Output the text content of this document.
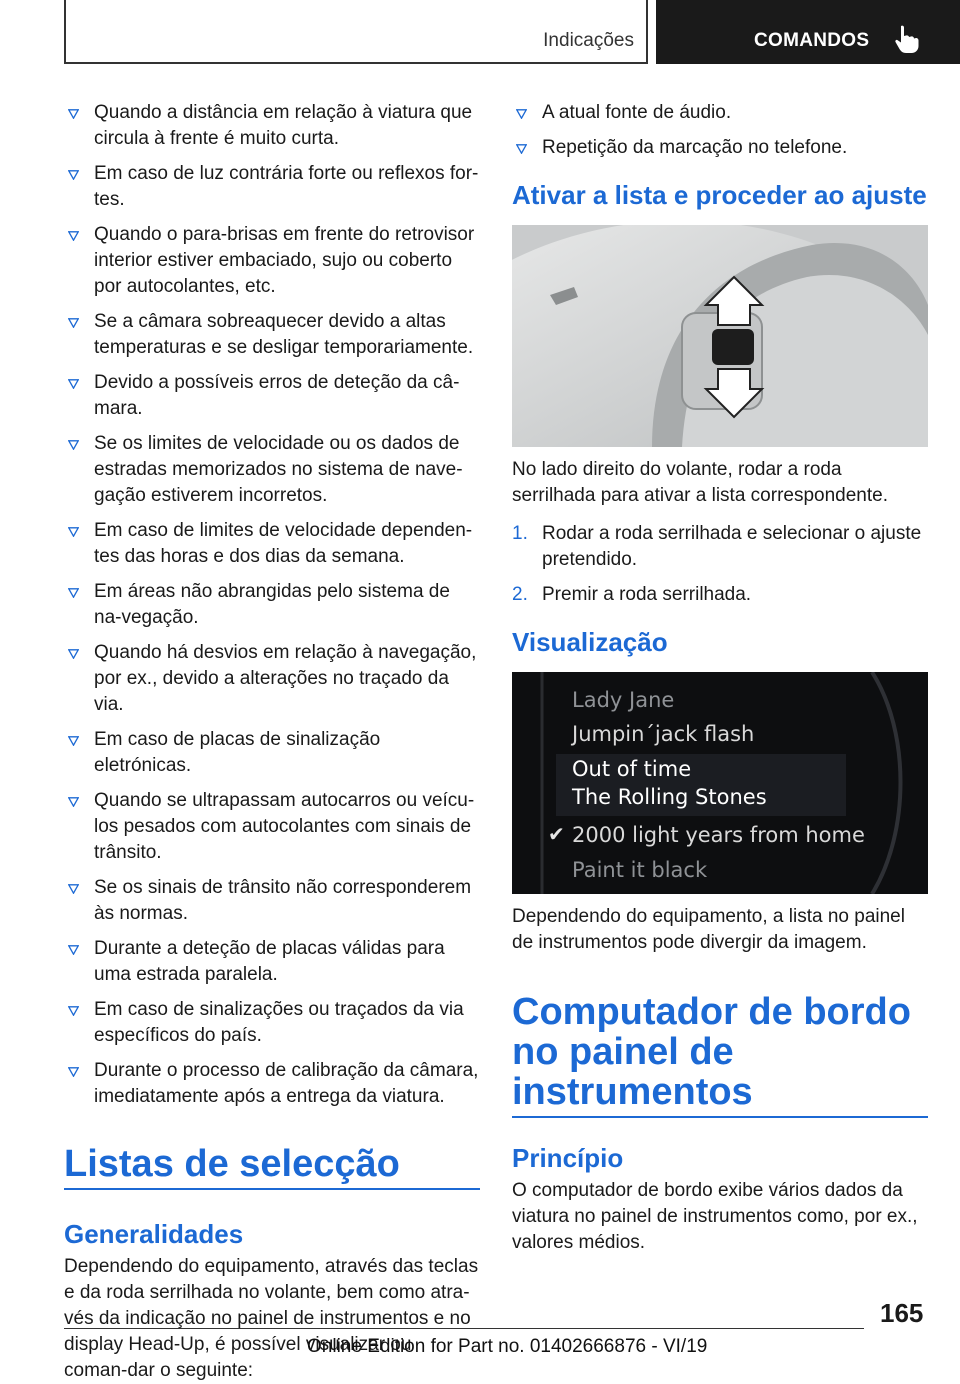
Indicações	COMANDOS
Quando a distância em relação à viatura que circula à frente é muito curta.
Em caso de luz contrária forte ou reflexos for-tes.
Quando o para-brisas em frente do retrovisor interior estiver embaciado, sujo ou coberto por autocolantes, etc.
Se a câmara sobreaquecer devido a altas temperaturas e se desligar temporariamente.
Devido a possíveis erros de deteção da câ-mara.
Se os limites de velocidade ou os dados de estradas memorizados no sistema de nave-gação estiverem incorretos.
Em caso de limites de velocidade dependen-tes das horas e dos dias da semana.
Em áreas não abrangidas pelo sistema de na-vegação.
Quando há desvios em relação à navegação, por ex., devido a alterações no traçado da via.
Em caso de placas de sinalização eletrónicas.
Quando se ultrapassam autocarros ou veícu-los pesados com autocolantes com sinais de trânsito.
Se os sinais de trânsito não corresponderem às normas.
Durante a deteção de placas válidas para uma estrada paralela.
Em caso de sinalizações ou traçados da via específicos do país.
Durante o processo de calibração da câmara, imediatamente após a entrega da viatura.
Listas de selecção
Generalidades

Dependendo do equipamento, através das teclas e da roda serrilhada no volante, bem como atra-vés da indicação no painel de instrumentos e no display Head-Up, é possível visualizar ou coman-dar o seguinte:

A atual fonte de áudio.
Repetição da marcação no telefone.
Ativar a lista e proceder ao ajuste

No lado direito do volante, rodar a roda serrilhada para ativar a lista correspondente.

1. Rodar a roda serrilhada e selecionar o ajuste pretendido.
2. Premir a roda serrilhada.
Visualização
Lady Jane
Jumpin´jack flash
Out of time
The Rolling Stones
✔ 2000 light years from home
Paint it black

Dependendo do equipamento, a lista no painel de instrumentos pode divergir da imagem.

Computador de bordo no painel de instrumentos
Princípio

O computador de bordo exibe vários dados da viatura no painel de instrumentos como, por ex., valores médios.

165
Online Edition for Part no. 01402666876 - VI/19
